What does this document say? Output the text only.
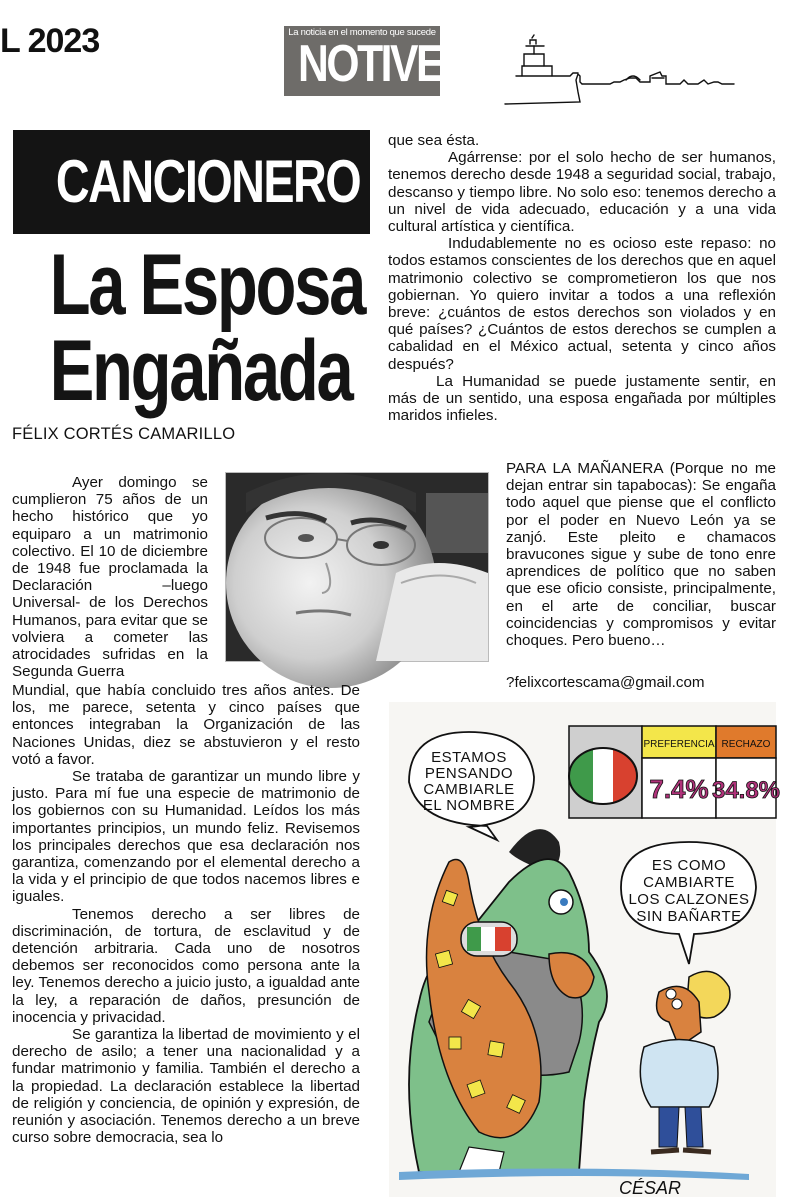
L 2023	La noticia en el momento que sucede
NOTIVER
CANCIONERO
La Esposa
Engañada
FÉLIX CORTÉS CAMARILLO

que sea ésta.

Agárrense: por el solo hecho de ser humanos, tenemos derecho desde 1948 a seguridad social, trabajo, descanso y tiempo libre. No solo eso: tenemos derecho a un nivel de vida adecuado, educación y a una vida cultural artística y científica.

Indudablemente no es ocioso este repaso: no todos estamos conscientes de los derechos que en aquel matrimonio colectivo se comprometieron los que nos gobiernan. Yo quiero invitar a todos a una reflexión breve: ¿cuántos de estos derechos son violados y en qué países? ¿Cuántos de estos derechos se cumplen a cabalidad en el México actual, setenta y cinco años después?

La Humanidad se puede justamente sentir, en más de un sentido, una esposa engañada por múltiples maridos infieles.

Ayer domingo se cumplieron 75 años de un hecho histórico que yo equiparo a un matrimonio colectivo. El 10 de diciembre de 1948 fue proclamada la Declaración –luego Universal- de los Derechos Humanos, para evitar que se volviera a cometer las atrocidades sufridas en la Segunda Guerra

Mundial, que había concluido tres años antes. De los, me parece, setenta y cinco países que entonces integraban la Organización de las Naciones Unidas, diez se abstuvieron y el resto votó a favor.

Se trataba de garantizar un mundo libre y justo. Para mí fue una especie de matrimonio de los gobiernos con su Humanidad. Leídos los más importantes principios, un mundo feliz. Revisemos los principales derechos que esa declaración nos garantiza, comenzando por el elemental derecho a la vida y el principio de que todos nacemos libres e iguales.

Tenemos derecho a ser libres de discriminación, de tortura, de esclavitud y de detención arbitraria. Cada uno de nosotros debemos ser reconocidos como persona ante la ley. Tenemos derecho a juicio justo, a igualdad ante la ley, a reparación de daños, presunción de inocencia y privacidad.

Se garantiza la libertad de movimiento y el derecho de asilo; a tener una nacionalidad y a fundar matrimonio y familia. También el derecho a la propiedad. La declaración establece la libertad de religión y conciencia, de opinión y expresión, de reunión y asociación. Tenemos derecho a un breve curso sobre democracia, sea lo

PARA LA MAÑANERA (Porque no me dejan entrar sin tapabocas): Se engaña todo aquel que piense que el conflicto por el poder en Nuevo León ya se zanjó. Este pleito e chamacos bravucones sigue y sube de tono enre aprendices de político que no saben que ese oficio consiste, principalmente, en el arte de conciliar, buscar coincidencias y compromisos y evitar choques. Pero bueno…

?felixcortescama@gmail.com
PREFERENCIA RECHAZO
7.4% 34.8%
ESTAMOS
PENSANDO
CAMBIARLE
EL NOMBRE
ES COMO
CAMBIARTE
LOS CALZONES
SIN BAÑARTE
CÉSAR
